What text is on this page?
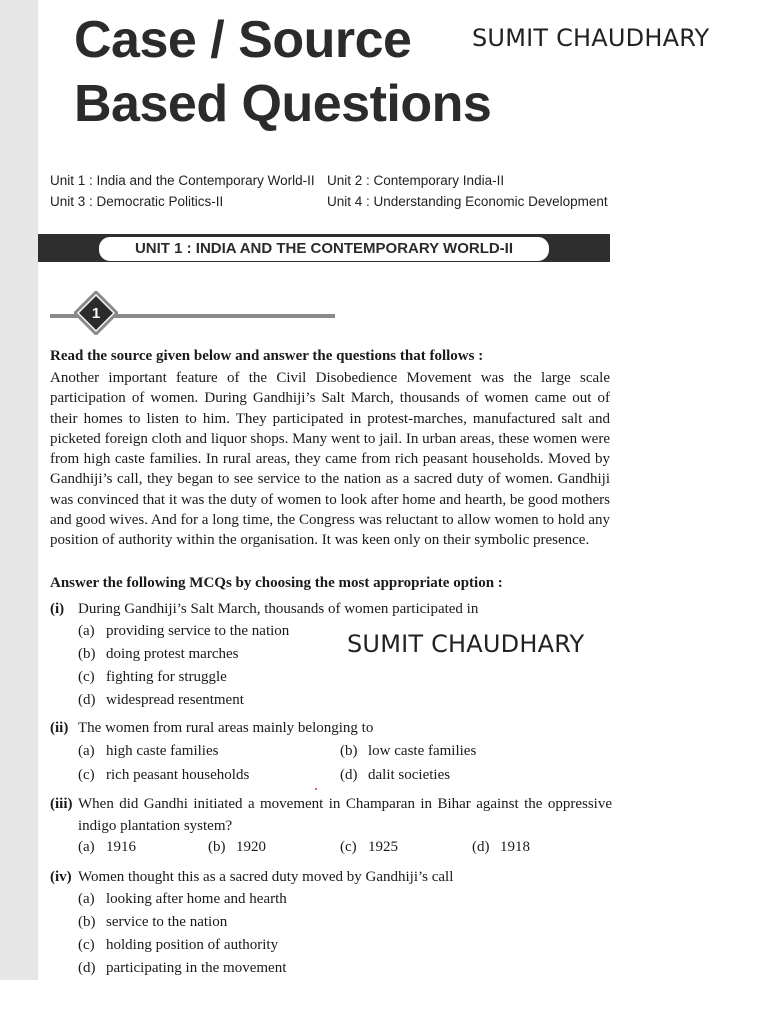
Case / Source
Based Questions
SUMIT CHAUDHARY
Unit 1 : India and the Contemporary World-II Unit 2 : Contemporary India-II
Unit 3 : Democratic Politics-II	Unit 4 : Understanding Economic Development
UNIT 1 : INDIA AND THE CONTEMPORARY WORLD-II
1

Read the source given below and answer the questions that follows :

Another important feature of the Civil Disobedience Movement was the large scale participation of women. During Gandhiji’s Salt March, thousands of women came out of their homes to listen to him. They participated in protest-marches, manufactured salt and picketed foreign cloth and liquor shops. Many went to jail. In urban areas, these women were from high caste families. In rural areas, they came from rich peasant households. Moved by Gandhiji’s call, they began to see service to the nation as a sacred duty of women. Gandhiji was convinced that it was the duty of women to look after home and hearth, be good mothers and good wives. And for a long time, the Congress was reluctant to allow women to hold any position of authority within the organisation. It was keen only on their symbolic presence.

Answer the following MCQs by choosing the most appropriate option :

(i) During Gandhiji’s Salt March, thousands of women participated in
(a) providing service to the nation
(b) doing protest marches
(c) fighting for struggle
(d) widespread resentment
SUMIT CHAUDHARY
(ii) The women from rural areas mainly belonging to
(a) high caste families	(b) low caste families
(c) rich peasant households	(d) dalit societies
(iii) When did Gandhi initiated a movement in Champaran in Bihar against the oppressive indigo plantation system?
(a) 1916	(b) 1920	(c) 1925	(d) 1918
(iv) Women thought this as a sacred duty moved by Gandhiji’s call
(a) looking after home and hearth
(b) service to the nation
(c) holding position of authority
(d) participating in the movement
